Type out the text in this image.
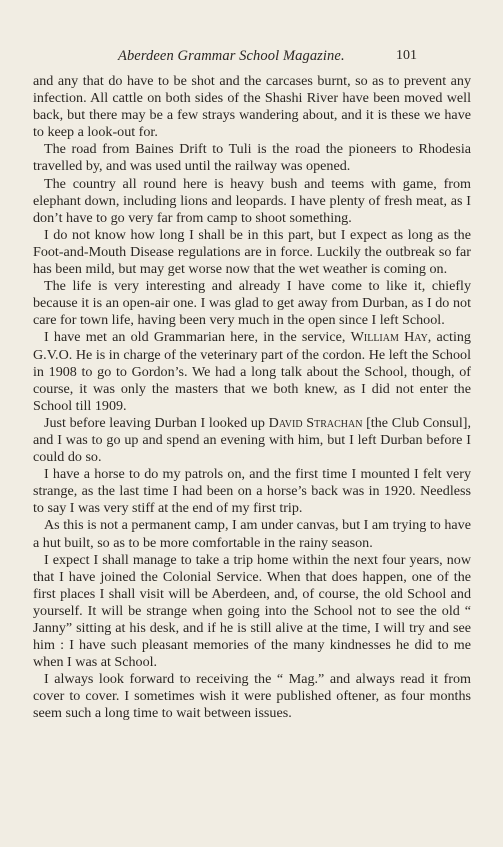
Aberdeen Grammar School Magazine.	101

and any that do have to be shot and the carcases burnt, so as to prevent any infection. All cattle on both sides of the Shashi River have been moved well back, but there may be a few strays wandering about, and it is these we have to keep a look-out for.

The road from Baines Drift to Tuli is the road the pioneers to Rhodesia travelled by, and was used until the railway was opened.

The country all round here is heavy bush and teems with game, from elephant down, including lions and leopards. I have plenty of fresh meat, as I don’t have to go very far from camp to shoot something.

I do not know how long I shall be in this part, but I expect as long as the Foot-and-Mouth Disease regulations are in force. Luckily the outbreak so far has been mild, but may get worse now that the wet weather is coming on.

The life is very interesting and already I have come to like it, chiefly because it is an open-air one. I was glad to get away from Durban, as I do not care for town life, having been very much in the open since I left School.

I have met an old Grammarian here, in the service, William Hay, acting G.V.O. He is in charge of the veterinary part of the cordon. He left the School in 1908 to go to Gordon’s. We had a long talk about the School, though, of course, it was only the masters that we both knew, as I did not enter the School till 1909.

Just before leaving Durban I looked up David Strachan [the Club Consul], and I was to go up and spend an evening with him, but I left Durban before I could do so.

I have a horse to do my patrols on, and the first time I mounted I felt very strange, as the last time I had been on a horse’s back was in 1920. Needless to say I was very stiff at the end of my first trip.

As this is not a permanent camp, I am under canvas, but I am trying to have a hut built, so as to be more comfortable in the rainy season.

I expect I shall manage to take a trip home within the next four years, now that I have joined the Colonial Service. When that does happen, one of the first places I shall visit will be Aberdeen, and, of course, the old School and yourself. It will be strange when going into the School not to see the old “ Janny” sitting at his desk, and if he is still alive at the time, I will try and see him : I have such pleasant memories of the many kindnesses he did to me when I was at School.

I always look forward to receiving the “ Mag.” and always read it from cover to cover. I sometimes wish it were published oftener, as four months seem such a long time to wait between issues.
